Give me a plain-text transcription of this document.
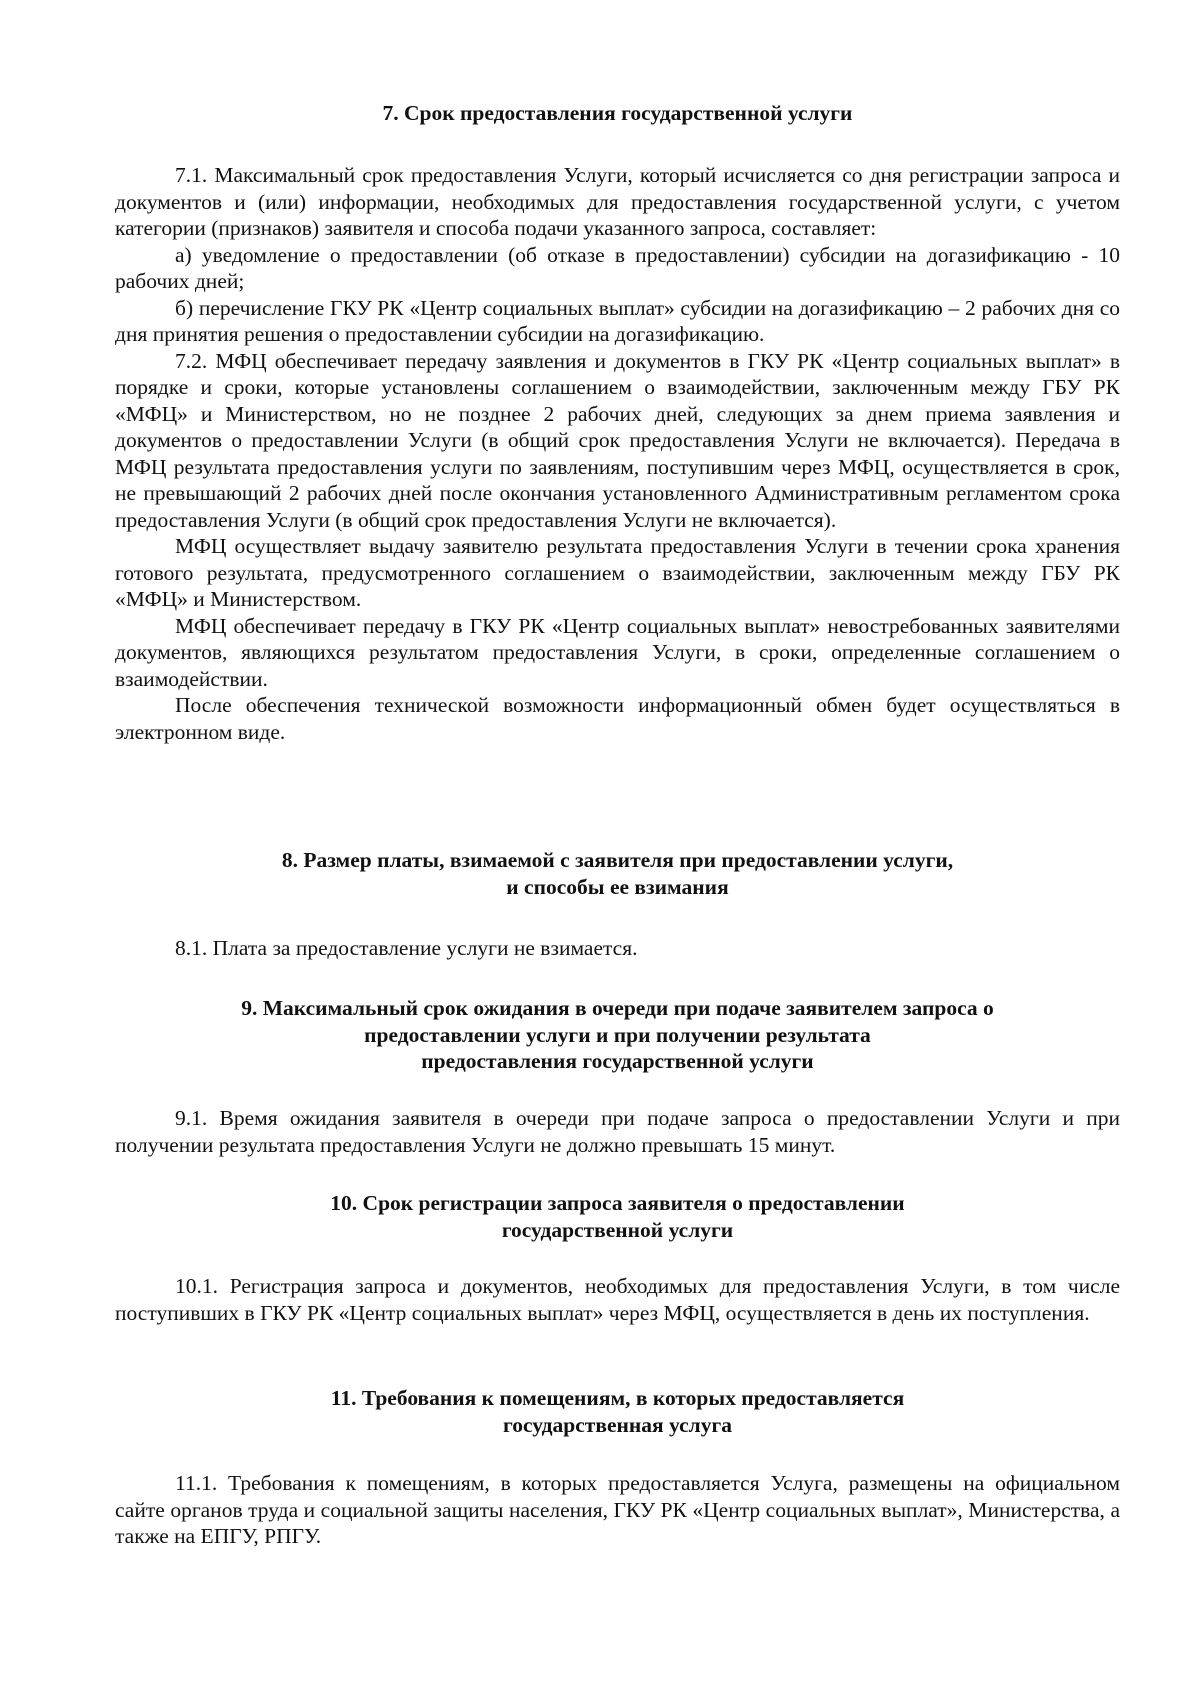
7. Срок предоставления государственной услуги

7.1. Максимальный срок предоставления Услуги, который исчисляется со дня регистрации запроса и документов и (или) информации, необходимых для предоставления государственной услуги, с учетом категории (признаков) заявителя и способа подачи указанного запроса, составляет:

а) уведомление о предоставлении (об отказе в предоставлении) субсидии на догазификацию - 10 рабочих дней;

б) перечисление ГКУ РК «Центр социальных выплат» субсидии на догазификацию – 2 рабочих дня со дня принятия решения о предоставлении субсидии на догазификацию.

7.2. МФЦ обеспечивает передачу заявления и документов в ГКУ РК «Центр социальных выплат» в порядке и сроки, которые установлены соглашением о взаимодействии, заключенным между ГБУ РК «МФЦ» и Министерством, но не позднее 2 рабочих дней, следующих за днем приема заявления и документов о предоставлении Услуги (в общий срок предоставления Услуги не включается). Передача в МФЦ результата предоставления услуги по заявлениям, поступившим через МФЦ, осуществляется в срок, не превышающий 2 рабочих дней после окончания установленного Административным регламентом срока предоставления Услуги (в общий срок предоставления Услуги не включается).

МФЦ осуществляет выдачу заявителю результата предоставления Услуги в течении срока хранения готового результата, предусмотренного соглашением о взаимодействии, заключенным между ГБУ РК «МФЦ» и Министерством.

МФЦ обеспечивает передачу в ГКУ РК «Центр социальных выплат» невостребованных заявителями документов, являющихся результатом предоставления Услуги, в сроки, определенные соглашением о взаимодействии.

После обеспечения технической возможности информационный обмен будет осуществляться в электронном виде.

8. Размер платы, взимаемой с заявителя при предоставлении услуги,

и способы ее взимания

8.1. Плата за предоставление услуги не взимается.

9. Максимальный срок ожидания в очереди при подаче заявителем запроса о

предоставлении услуги и при получении результата

предоставления государственной услуги

9.1. Время ожидания заявителя в очереди при подаче запроса о предоставлении Услуги и при получении результата предоставления Услуги не должно превышать 15 минут.

10. Срок регистрации запроса заявителя о предоставлении

государственной услуги

10.1. Регистрация запроса и документов, необходимых для предоставления Услуги, в том числе поступивших в ГКУ РК «Центр социальных выплат» через МФЦ, осуществляется в день их поступления.

11. Требования к помещениям, в которых предоставляется

государственная услуга

11.1. Требования к помещениям, в которых предоставляется Услуга, размещены на официальном сайте органов труда и социальной защиты населения, ГКУ РК «Центр социальных выплат», Министерства, а также на ЕПГУ, РПГУ.
